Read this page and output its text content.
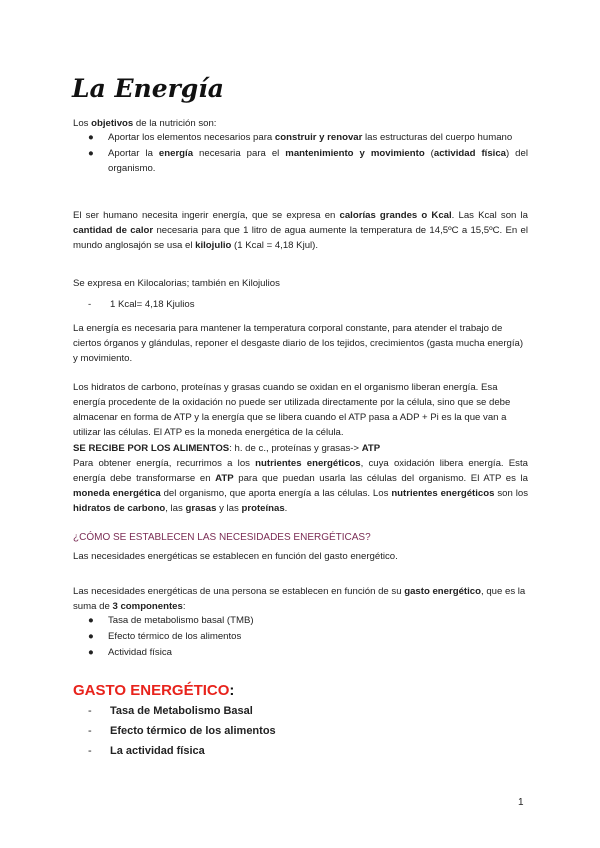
La Energía

Los objetivos de la nutrición son:

● Aportar los elementos necesarios para construir y renovar las estructuras del cuerpo humano
● Aportar la energía necesaria para el mantenimiento y movimiento (actividad física) del organismo.

El ser humano necesita ingerir energía, que se expresa en calorías grandes o Kcal. Las Kcal son la cantidad de calor necesaria para que 1 litro de agua aumente la temperatura de 14,5ºC a 15,5ºC. En el mundo anglosajón se usa el kilojulio (1 Kcal = 4,18 Kjul).

Se expresa en Kilocalorias; también en Kilojulios

- 1 Kcal= 4,18 Kjulios

La energía es necesaria para mantener la temperatura corporal constante, para atender el trabajo de ciertos órganos y glándulas, reponer el desgaste diario de los tejidos, crecimientos (gasta mucha energía) y movimiento.

Los hidratos de carbono, proteínas y grasas cuando se oxidan en el organismo liberan energía. Esa energía procedente de la oxidación no puede ser utilizada directamente por la célula, sino que se debe almacenar en forma de ATP y la energía que se libera cuando el ATP pasa a ADP + Pi es la que van a utilizar las células. El ATP es la moneda energética de la célula.

SE RECIBE POR LOS ALIMENTOS: h. de c., proteínas y grasas-> ATP

Para obtener energía, recurrimos a los nutrientes energéticos, cuya oxidación libera energía. Esta energía debe transformarse en ATP para que puedan usarla las células del organismo. El ATP es la moneda energética del organismo, que aporta energía a las células. Los nutrientes energéticos son los hidratos de carbono, las grasas y las proteínas.

¿CÓMO SE ESTABLECEN LAS NECESIDADES ENERGÉTICAS?

Las necesidades energéticas se establecen en función del gasto energético.

Las necesidades energéticas de una persona se establecen en función de su gasto energético, que es la suma de 3 componentes:

● Tasa de metabolismo basal (TMB)
● Efecto térmico de los alimentos
● Actividad física
GASTO ENERGÉTICO:
- Tasa de Metabolismo Basal
- Efecto térmico de los alimentos
- La actividad física

1
